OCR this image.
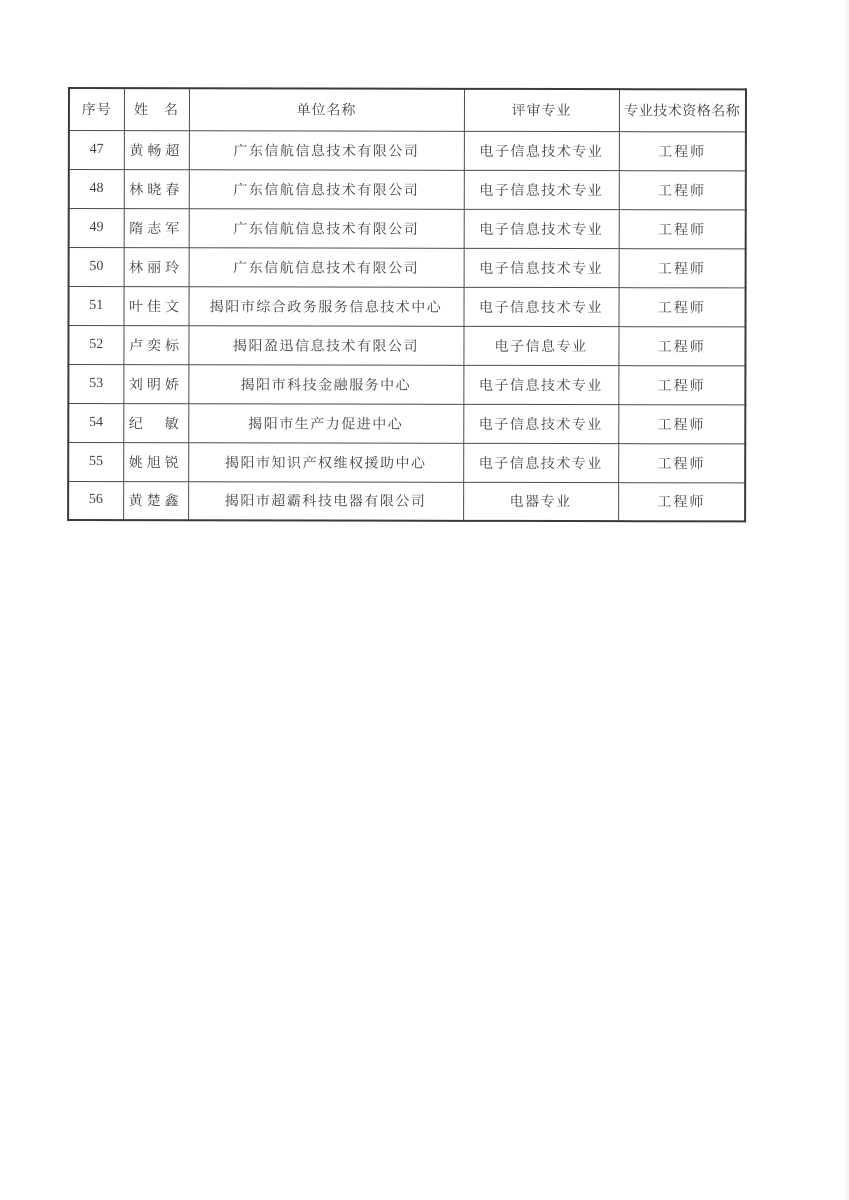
序号	姓　名	单位名称	评审专业	专业技术资格名称
47	黄畅超	广东信航信息技术有限公司	电子信息技术专业	工程师
48	林晓春	广东信航信息技术有限公司	电子信息技术专业	工程师
49	隋志军	广东信航信息技术有限公司	电子信息技术专业	工程师
50	林丽玲	广东信航信息技术有限公司	电子信息技术专业	工程师
51	叶佳文	揭阳市综合政务服务信息技术中心	电子信息技术专业	工程师
52	卢奕标	揭阳盈迅信息技术有限公司	电子信息专业	工程师
53	刘明娇	揭阳市科技金融服务中心	电子信息技术专业	工程师
54	纪　敏	揭阳市生产力促进中心	电子信息技术专业	工程师
55	姚旭锐	揭阳市知识产权维权援助中心	电子信息技术专业	工程师
56	黄楚鑫	揭阳市超霸科技电器有限公司	电器专业	工程师
